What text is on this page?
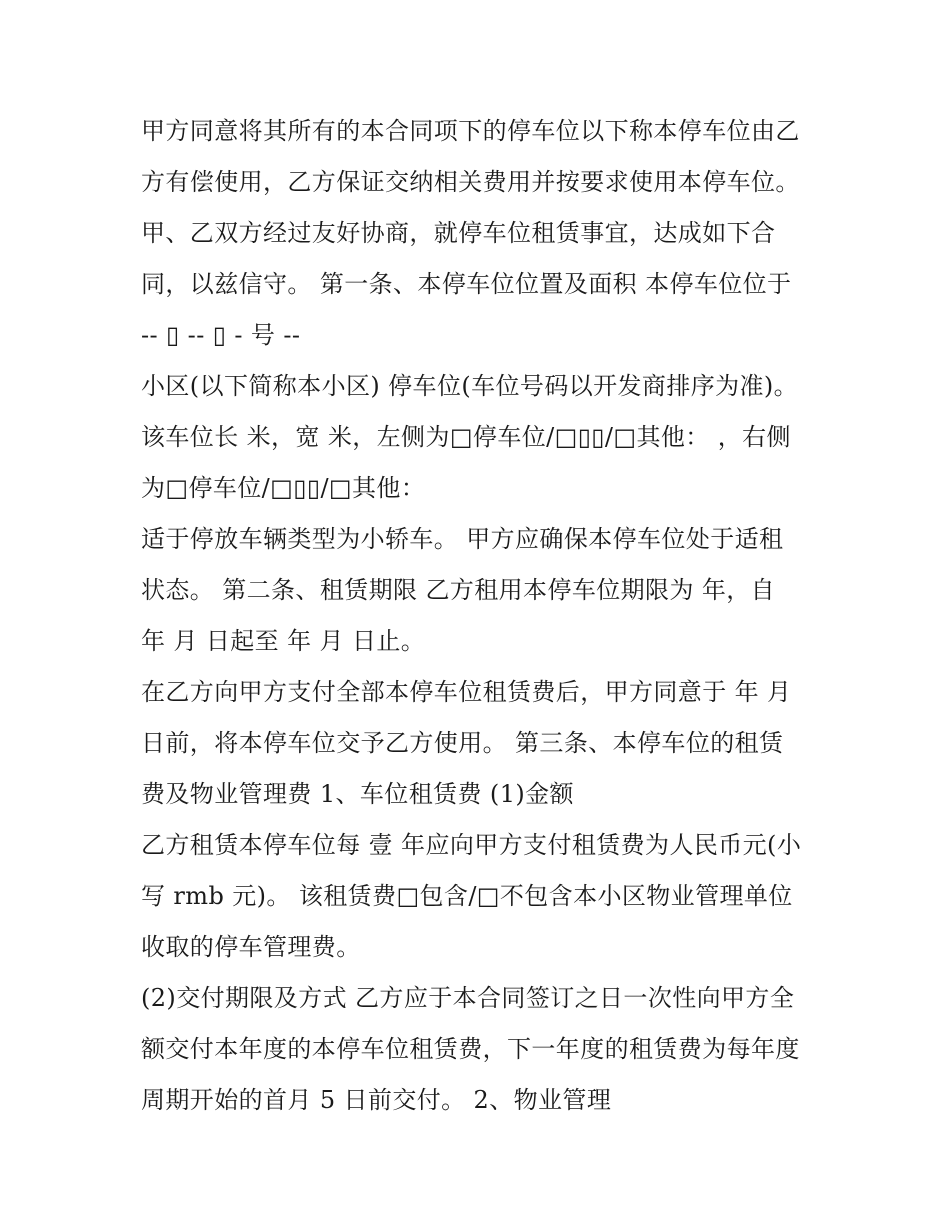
甲方同意将其所有的本合同项下的停车位以下称本停车位由乙
方有偿使用，乙方保证交纳相关费用并按要求使用本停车位。
甲、乙双方经过友好协商，就停车位租赁事宜，达成如下合
同，以兹信守。 第一条、本停车位位置及面积 本停车位位于
-- ▯ -- ▯ - 号 --
小区(以下简称本小区) 停车位(车位号码以开发商排序为准)。
该车位长 米，宽 米，左侧为□停车位/□▯▯/□其他： ，右侧
为□停车位/□▯▯/□其他：
适于停放车辆类型为小轿车。 甲方应确保本停车位处于适租
状态。 第二条、租赁期限 乙方租用本停车位期限为 年，自
年 月 日起至 年 月 日止。
在乙方向甲方支付全部本停车位租赁费后，甲方同意于 年 月
日前，将本停车位交予乙方使用。 第三条、本停车位的租赁
费及物业管理费 1、车位租赁费 (1)金额
乙方租赁本停车位每 壹 年应向甲方支付租赁费为人民币元(小
写 rmb 元)。 该租赁费□包含/□不包含本小区物业管理单位
收取的停车管理费。
(2)交付期限及方式 乙方应于本合同签订之日一次性向甲方全
额交付本年度的本停车位租赁费，下一年度的租赁费为每年度
周期开始的首月 5 日前交付。 2、物业管理
